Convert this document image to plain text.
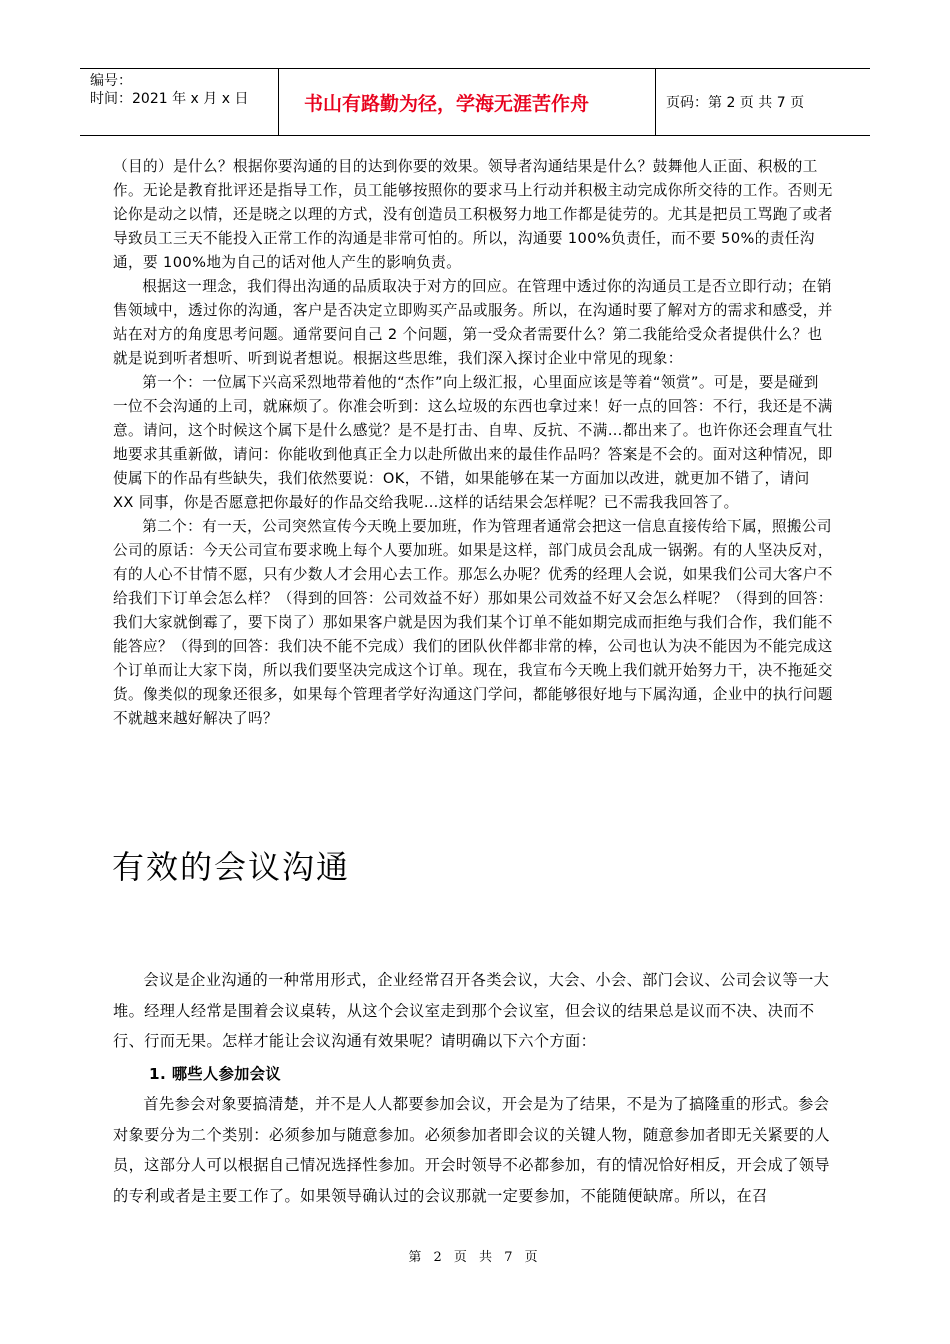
编号：
时间：2021 年 x 月 x 日	书山有路勤为径，学海无涯苦作舟	页码：第 2 页 共 7 页

（目的）是什么？根据你要沟通的目的达到你要的效果。领导者沟通结果是什么？鼓舞他人正面、积极的工作。无论是教育批评还是指导工作，员工能够按照你的要求马上行动并积极主动完成你所交待的工作。否则无论你是动之以情，还是晓之以理的方式，没有创造员工积极努力地工作都是徒劳的。尤其是把员工骂跑了或者导致员工三天不能投入正常工作的沟通是非常可怕的。所以，沟通要 100%负责任，而不要 50%的责任沟通，要 100%地为自己的话对他人产生的影响负责。

根据这一理念，我们得出沟通的品质取决于对方的回应。在管理中透过你的沟通员工是否立即行动；在销售领域中，透过你的沟通，客户是否决定立即购买产品或服务。所以，在沟通时要了解对方的需求和感受，并站在对方的角度思考问题。通常要问自己 2 个问题，第一受众者需要什么？第二我能给受众者提供什么？也就是说到听者想听、听到说者想说。根据这些思维，我们深入探讨企业中常见的现象：

第一个：一位属下兴高采烈地带着他的“杰作”向上级汇报，心里面应该是等着“领赏”。可是，要是碰到一位不会沟通的上司，就麻烦了。你准会听到：这么垃圾的东西也拿过来！好一点的回答：不行，我还是不满意。请问，这个时候这个属下是什么感觉？是不是打击、自卑、反抗、不满…都出来了。也许你还会理直气壮地要求其重新做，请问：你能收到他真正全力以赴所做出来的最佳作品吗？答案是不会的。面对这种情况，即使属下的作品有些缺失，我们依然要说：OK，不错，如果能够在某一方面加以改进，就更加不错了，请问 XX 同事，你是否愿意把你最好的作品交给我呢…这样的话结果会怎样呢？已不需我我回答了。

第二个：有一天，公司突然宣传今天晚上要加班，作为管理者通常会把这一信息直接传给下属，照搬公司公司的原话：今天公司宣布要求晚上每个人要加班。如果是这样，部门成员会乱成一锅粥。有的人坚决反对，有的人心不甘情不愿，只有少数人才会用心去工作。那怎么办呢？优秀的经理人会说，如果我们公司大客户不给我们下订单会怎么样？（得到的回答：公司效益不好）那如果公司效益不好又会怎么样呢？（得到的回答：我们大家就倒霉了，要下岗了）那如果客户就是因为我们某个订单不能如期完成而拒绝与我们合作，我们能不能答应？（得到的回答：我们决不能不完成）我们的团队伙伴都非常的棒，公司也认为决不能因为不能完成这个订单而让大家下岗，所以我们要坚决完成这个订单。现在，我宣布今天晚上我们就开始努力干，决不拖延交货。像类似的现象还很多，如果每个管理者学好沟通这门学问，都能够很好地与下属沟通，企业中的执行问题不就越来越好解决了吗？

有效的会议沟通

会议是企业沟通的一种常用形式，企业经常召开各类会议，大会、小会、部门会议、公司会议等一大堆。经理人经常是围着会议桌转，从这个会议室走到那个会议室，但会议的结果总是议而不决、决而不行、行而无果。怎样才能让会议沟通有效果呢？请明确以下六个方面：

1. 哪些人参加会议

首先参会对象要搞清楚，并不是人人都要参加会议，开会是为了结果，不是为了搞隆重的形式。参会对象要分为二个类别：必须参加与随意参加。必须参加者即会议的关键人物，随意参加者即无关紧要的人员，这部分人可以根据自己情况选择性参加。开会时领导不必都参加，有的情况恰好相反，开会成了领导的专利或者是主要工作了。如果领导确认过的会议那就一定要参加，不能随便缺席。所以，在召

第 2 页 共 7 页
